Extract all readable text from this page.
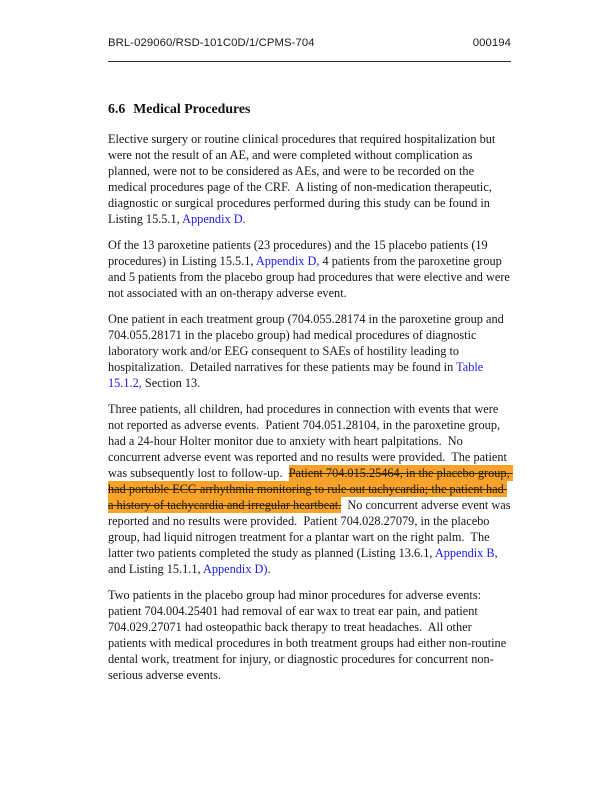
BRL-029060/RSD-101C0D/1/CPMS-704	000194
6.6 Medical Procedures

Elective surgery or routine clinical procedures that required hospitalization but were not the result of an AE, and were completed without complication as planned, were not to be considered as AEs, and were to be recorded on the medical procedures page of the CRF.  A listing of non-medication therapeutic, diagnostic or surgical procedures performed during this study can be found in Listing 15.5.1, Appendix D.

Of the 13 paroxetine patients (23 procedures) and the 15 placebo patients (19 procedures) in Listing 15.5.1, Appendix D, 4 patients from the paroxetine group and 5 patients from the placebo group had procedures that were elective and were not associated with an on-therapy adverse event.

One patient in each treatment group (704.055.28174 in the paroxetine group and 704.055.28171 in the placebo group) had medical procedures of diagnostic laboratory work and/or EEG consequent to SAEs of hostility leading to hospitalization.  Detailed narratives for these patients may be found in Table 15.1.2, Section 13.

Three patients, all children, had procedures in connection with events that were not reported as adverse events.  Patient 704.051.28104, in the paroxetine group, had a 24-hour Holter monitor due to anxiety with heart palpitations.  No concurrent adverse event was reported and no results were provided.  The patient was subsequently lost to follow-up.  Patient 704.015.25464, in the placebo group, had portable ECG arrhythmia monitoring to rule out tachycardia; the patient had a history of tachycardia and irregular heartbeat.  No concurrent adverse event was reported and no results were provided.  Patient 704.028.27079, in the placebo group, had liquid nitrogen treatment for a plantar wart on the right palm.  The latter two patients completed the study as planned (Listing 13.6.1, Appendix B, and Listing 15.1.1, Appendix D).

Two patients in the placebo group had minor procedures for adverse events: patient 704.004.25401 had removal of ear wax to treat ear pain, and patient 704.029.27071 had osteopathic back therapy to treat headaches.  All other patients with medical procedures in both treatment groups had either non-routine dental work, treatment for injury, or diagnostic procedures for concurrent non-serious adverse events.
